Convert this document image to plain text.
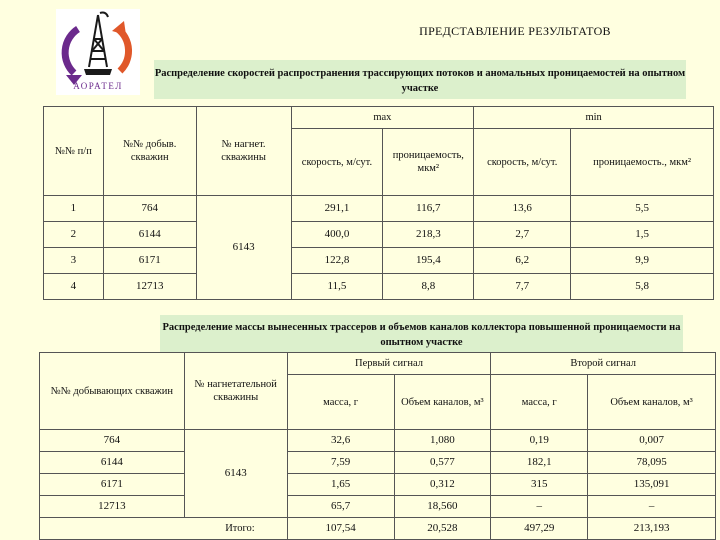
АОРАТЕЛ
ПРЕДСТАВЛЕНИЕ РЕЗУЛЬТАТОВ
Распределение скоростей распространения трассирующих потоков и аномальных проницаемостей на опытном участке
№№ п/п	№№ добыв. скважин	№ нагнет. скважины	max		min	
			скорость, м/сут.	проницаемость, мкм²	скорость, м/сут.	проницаемость., мкм²
1	764	6143	291,1	116,7	13,6	5,5
2	6144		400,0	218,3	2,7	1,5
3	6171		122,8	195,4	6,2	9,9
4	12713		11,5	8,8	7,7	5,8
Распределение массы вынесенных трассеров и объемов каналов коллектора повышенной проницаемости на опытном участке
№№ добывающих скважин	№ нагнетательной скважины	Первый сигнал		Второй сигнал	
		масса, г	Объем каналов, м³	масса, г	Объем каналов, м³
764	6143	32,6	1,080	0,19	0,007
6144		7,59	0,577	182,1	78,095
6171		1,65	0,312	315	135,091
12713		65,7	18,560	–	–
Итого:		107,54	20,528	497,29	213,193
